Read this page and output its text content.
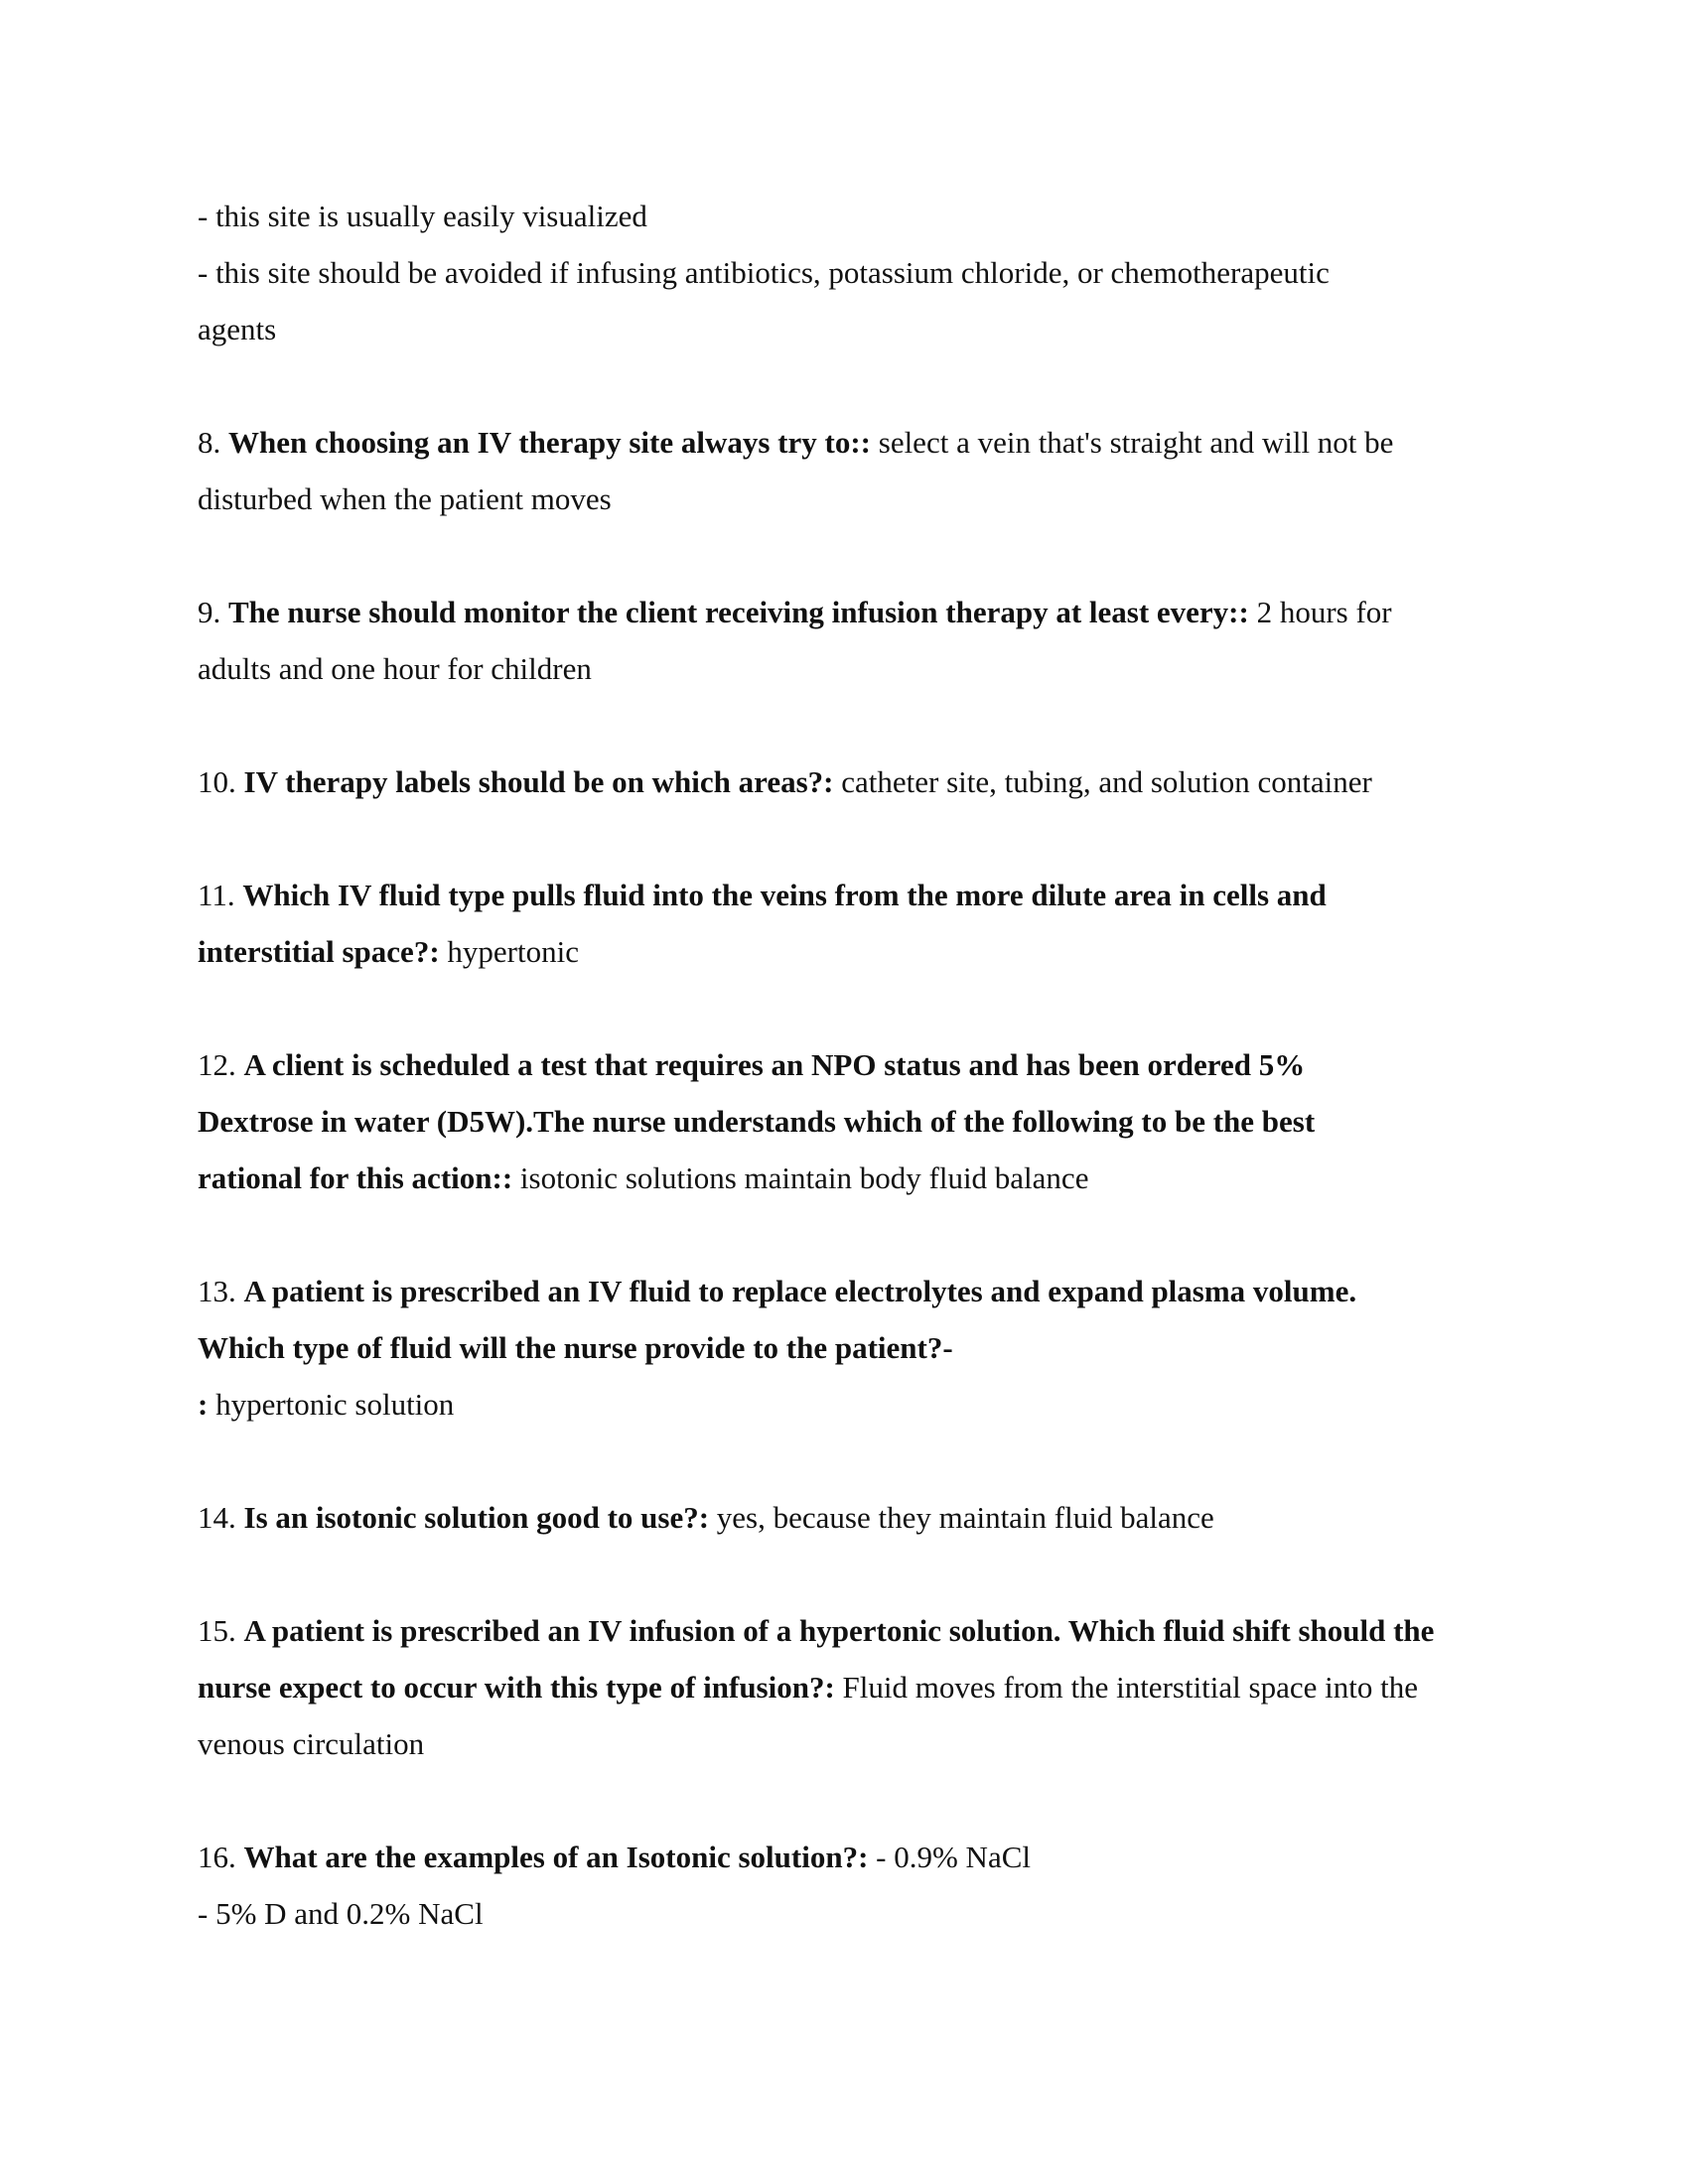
- this site is usually easily visualized
- this site should be avoided if infusing antibiotics, potassium chloride, or chemotherapeutic
agents
8. When choosing an IV therapy site always try to:: select a vein that's straight and will not be
disturbed when the patient moves
9. The nurse should monitor the client receiving infusion therapy at least every:: 2 hours for
adults and one hour for children
10. IV therapy labels should be on which areas?: catheter site, tubing, and solution container
11. Which IV fluid type pulls fluid into the veins from the more dilute area in cells and
interstitial space?: hypertonic
12. A client is scheduled a test that requires an NPO status and has been ordered 5%
Dextrose in water (D5W).The nurse understands which of the following to be the best
rational for this action:: isotonic solutions maintain body fluid balance
13. A patient is prescribed an IV fluid to replace electrolytes and expand plasma volume.
Which type of fluid will the nurse provide to the patient?-
: hypertonic solution
14. Is an isotonic solution good to use?: yes, because they maintain fluid balance
15. A patient is prescribed an IV infusion of a hypertonic solution. Which fluid shift should the
nurse expect to occur with this type of infusion?: Fluid moves from the interstitial space into the
venous circulation
16. What are the examples of an Isotonic solution?: - 0.9% NaCl
- 5% D and 0.2% NaCl
